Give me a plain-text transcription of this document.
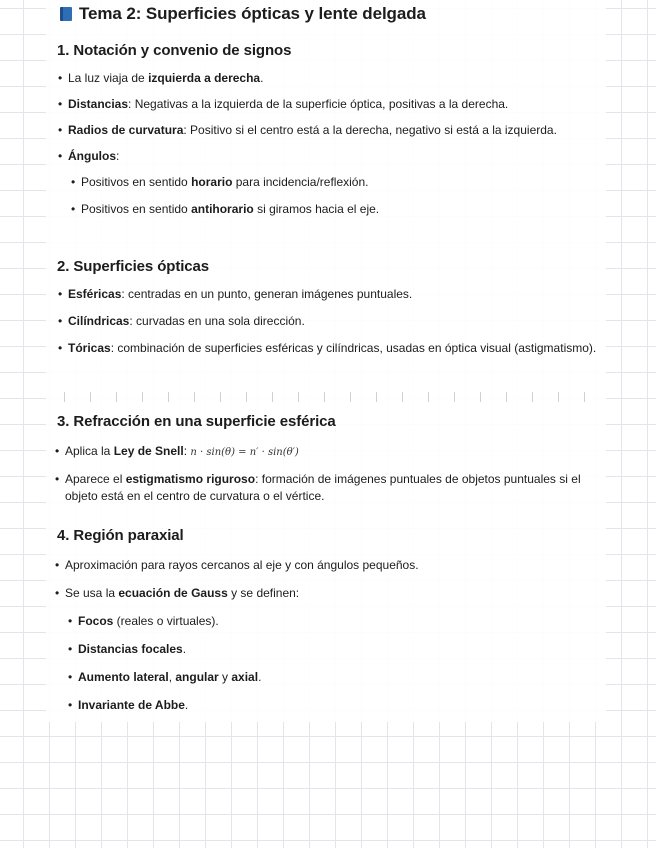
Tema 2: Superficies ópticas y lente delgada
1. Notación y convenio de signos
• La luz viaja de izquierda a derecha.
• Distancias: Negativas a la izquierda de la superficie óptica, positivas a la derecha.
• Radios de curvatura: Positivo si el centro está a la derecha, negativo si está a la izquierda.
• Ángulos:
• Positivos en sentido horario para incidencia/reflexión.
• Positivos en sentido antihorario si giramos hacia el eje.
2. Superficies ópticas
• Esféricas: centradas en un punto, generan imágenes puntuales.
• Cilíndricas: curvadas en una sola dirección.
• Tóricas: combinación de superficies esféricas y cilíndricas, usadas en óptica visual (astigmatismo).
3. Refracción en una superficie esférica
• Aplica la Ley de Snell: n · sin(θ) = n′ · sin(θ′)
• Aparece el estigmatismo riguroso: formación de imágenes puntuales de objetos puntuales si el objeto está en el centro de curvatura o el vértice.
4. Región paraxial
• Aproximación para rayos cercanos al eje y con ángulos pequeños.
• Se usa la ecuación de Gauss y se definen:
• Focos (reales o virtuales).
• Distancias focales.
• Aumento lateral, angular y axial.
• Invariante de Abbe.
